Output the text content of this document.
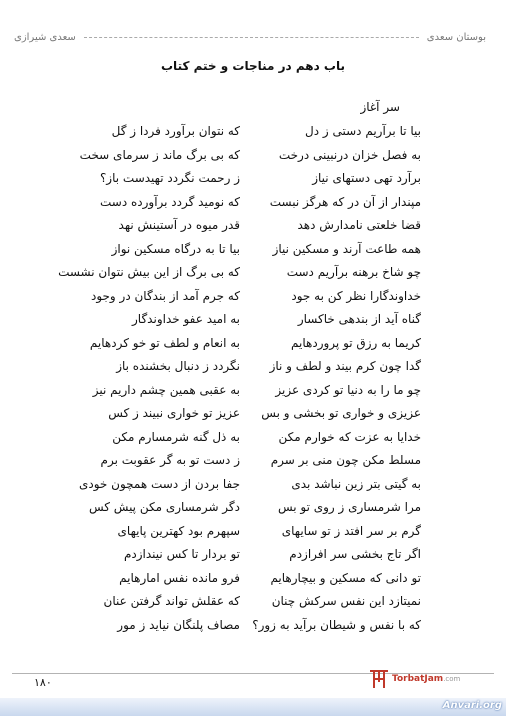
بوستان سعدی
سعدی شیرازی
باب دهم در مناجات و ختم کتاب
سر آغاز
بیا تا برآریم دستی ز دل
که نتوان برآورد فردا ز گل
به فصل خزان درنبینی درخت
که بی برگ ماند ز سرمای سخت
برآرد تهی دستهای نیاز
ز رحمت نگردد تهیدست باز؟
مپندار از آن در که هرگز نبست
که نومید گردد برآورده دست
قضا خلعتی نامدارش دهد
قدر میوه در آستینش نهد
همه طاعت آرند و مسکین نیاز
بیا تا به درگاه مسکین نواز
چو شاخ برهنه برآریم دست
که بی برگ از این بیش نتوان نشست
خداوندگارا نظر کن به جود
که جرم آمد از بندگان در وجود
گناه آید از بندهی خاکسار
به امید عفو خداوندگار
کریما به رزق تو پروردهایم
به انعام و لطف تو خو کردهایم
گدا چون کرم بیند و لطف و ناز
نگردد ز دنبال بخشنده باز
چو ما را به دنیا تو کردی عزیز
به عقبی همین چشم داریم نیز
عزیزی و خواری تو بخشی و بس
عزیز تو خواری نبیند ز کس
خدایا به عزت که خوارم مکن
به ذل گنه شرمسارم مکن
مسلط مکن چون منی بر سرم
ز دست تو به گر عقوبت برم
به گیتی بتر زین نباشد بدی
جفا بردن از دست همچون خودی
مرا شرمساری ز روی تو بس
دگر شرمساری مکن پیش کس
گرم بر سر افتد ز تو سایهای
سپهرم بود کهترین پایهای
اگر تاج بخشی سر افرازدم
تو بردار تا کس نیندازدم
تو دانی که مسکین و بیچارهایم
فرو مانده نفس امارهایم
نمیتازد این نفس سرکش چنان
که عقلش تواند گرفتن عنان
که با نفس و شیطان برآید به زور؟
مصاف پلنگان نیاید ز مور
۱۸۰	TorbatJam.com
Anvari.org
